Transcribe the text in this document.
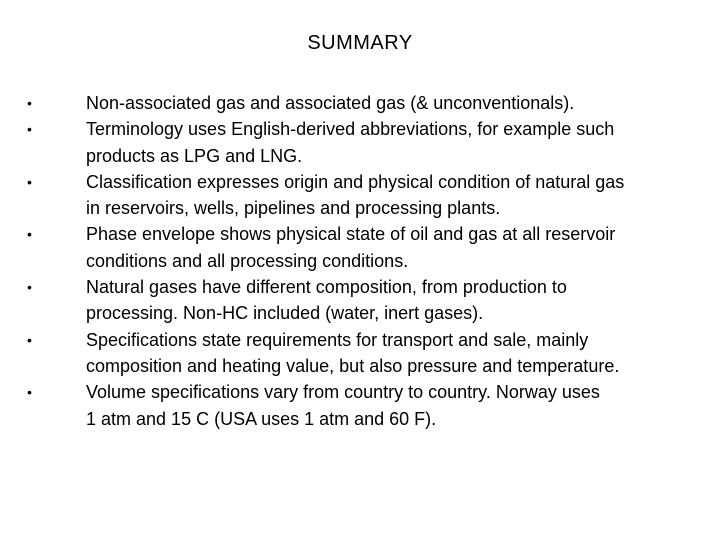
SUMMARY
•	Non-associated gas and associated gas (& unconventionals).
•	Terminology uses English-derived abbreviations, for example such
products as LPG and LNG.
•	Classification expresses origin and physical condition of natural gas
in reservoirs, wells, pipelines and processing plants.
•	Phase envelope shows physical state of oil and gas at all reservoir
conditions and all processing conditions.
•	Natural gases have different composition, from production to
processing. Non-HC included (water, inert gases).
•	Specifications state requirements for transport and sale, mainly
composition and heating value, but also pressure and temperature.
•	Volume specifications vary from country to country. Norway uses
1 atm and 15 C (USA uses 1 atm and 60 F).
